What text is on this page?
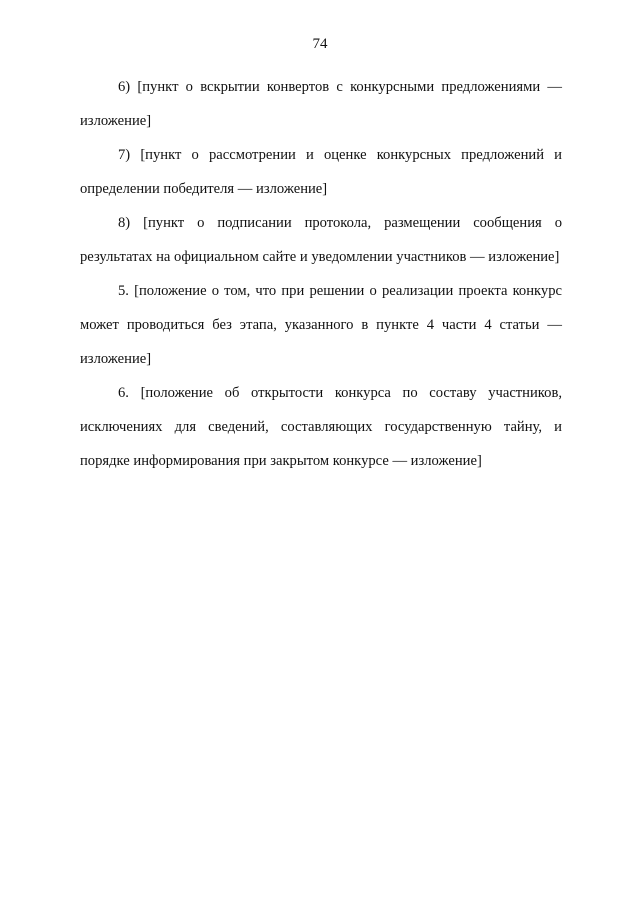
74

6) [пункт о вскрытии конвертов с конкурсными предложениями — изложение]

7) [пункт о рассмотрении и оценке конкурсных предложений и определении победителя — изложение]

8) [пункт о подписании протокола, размещении сообщения о результатах на официальном сайте и уведомлении участников — изложение]

5. [положение о том, что при решении о реализации проекта конкурс может проводиться без этапа, указанного в пункте 4 части 4 статьи — изложение]

6. [положение об открытости конкурса по составу участников, исключениях для сведений, составляющих государственную тайну, и порядке информирования при закрытом конкурсе — изложение]
